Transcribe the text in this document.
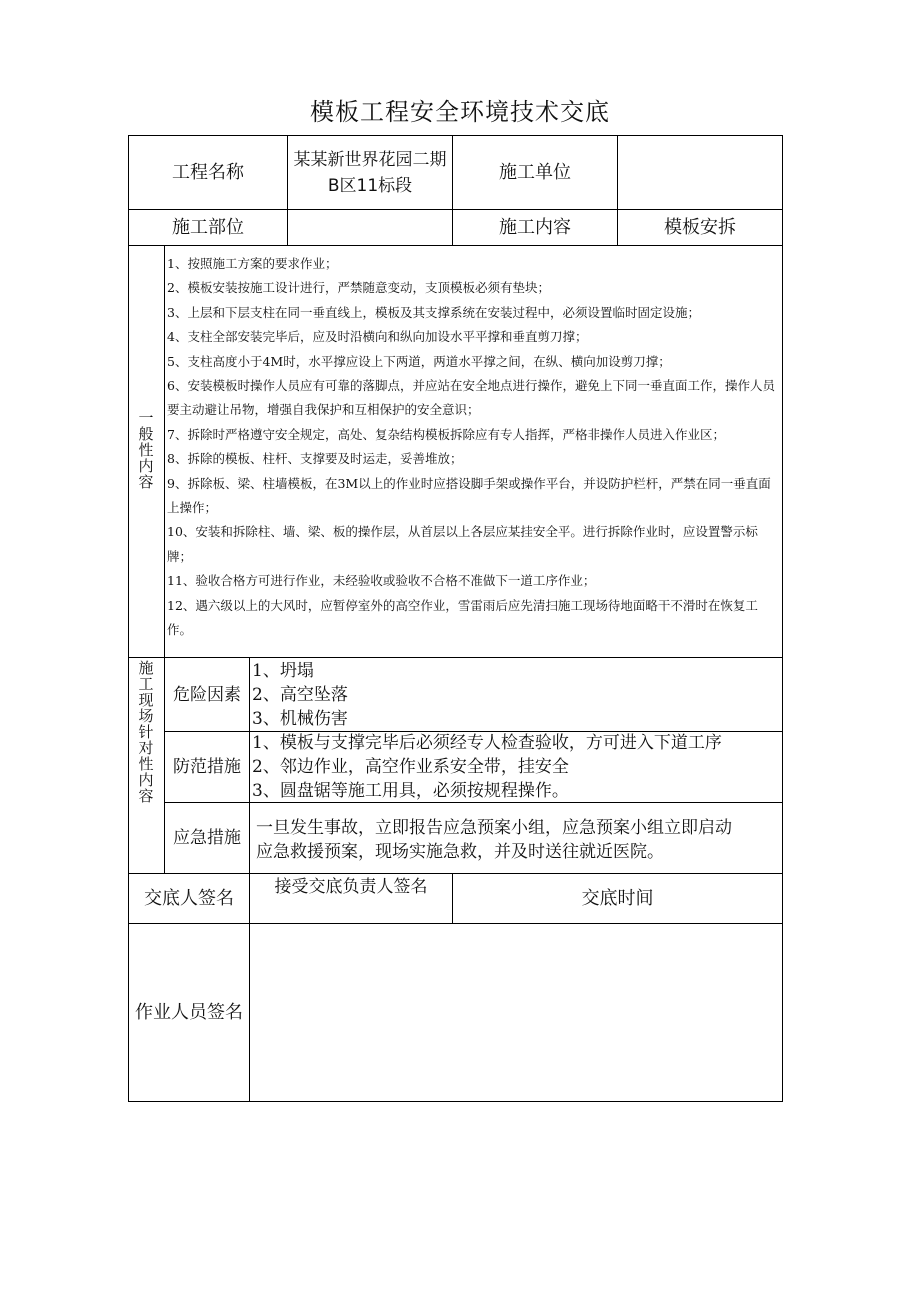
模板工程安全环境技术交底
工程名称
某某新世界花园二期B区11标段
施工单位
施工部位	施工内容	模板安拆
一般性内容
1、按照施工方案的要求作业；
2、模板安装按施工设计进行，严禁随意变动，支顶模板必须有垫块；
3、上层和下层支柱在同一垂直线上，模板及其支撑系统在安装过程中，必须设置临时固定设施；
4、支柱全部安装完毕后，应及时沿横向和纵向加设水平平撑和垂直剪刀撑；
5、支柱高度小于4M时，水平撑应设上下两道，两道水平撑之间，在纵、横向加设剪刀撑；
6、安装模板时操作人员应有可靠的落脚点，并应站在安全地点进行操作，避免上下同一垂直面工作，操作人员要主动避让吊物，增强自我保护和互相保护的安全意识；
7、拆除时严格遵守安全规定，高处、复杂结构模板拆除应有专人指挥，严格非操作人员进入作业区；
8、拆除的模板、柱杆、支撑要及时运走，妥善堆放；
9、拆除板、梁、柱墙模板，在3M以上的作业时应搭设脚手架或操作平台，并设防护栏杆，严禁在同一垂直面上操作；
10、安装和拆除柱、墙、梁、板的操作层，从首层以上各层应某挂安全平。进行拆除作业时，应设置警示标牌；
11、验收合格方可进行作业，未经验收或验收不合格不准做下一道工序作业；
12、遇六级以上的大风时，应暂停室外的高空作业，雪雷雨后应先清扫施工现场待地面略干不滑时在恢复工作。
施工现场针对性内容
危险因素
1、坍塌
2、高空坠落
3、机械伤害
防范措施
1、模板与支撑完毕后必须经专人检查验收，方可进入下道工序
2、邻边作业，高空作业系安全带，挂安全
3、圆盘锯等施工用具，必须按规程操作。
应急措施 一旦发生事故，立即报告应急预案小组，应急预案小组立即启动
应急救援预案，现场实施急救，并及时送往就近医院。
交底人签名
接受交底负责人签名
交底时间
作业人员签名
